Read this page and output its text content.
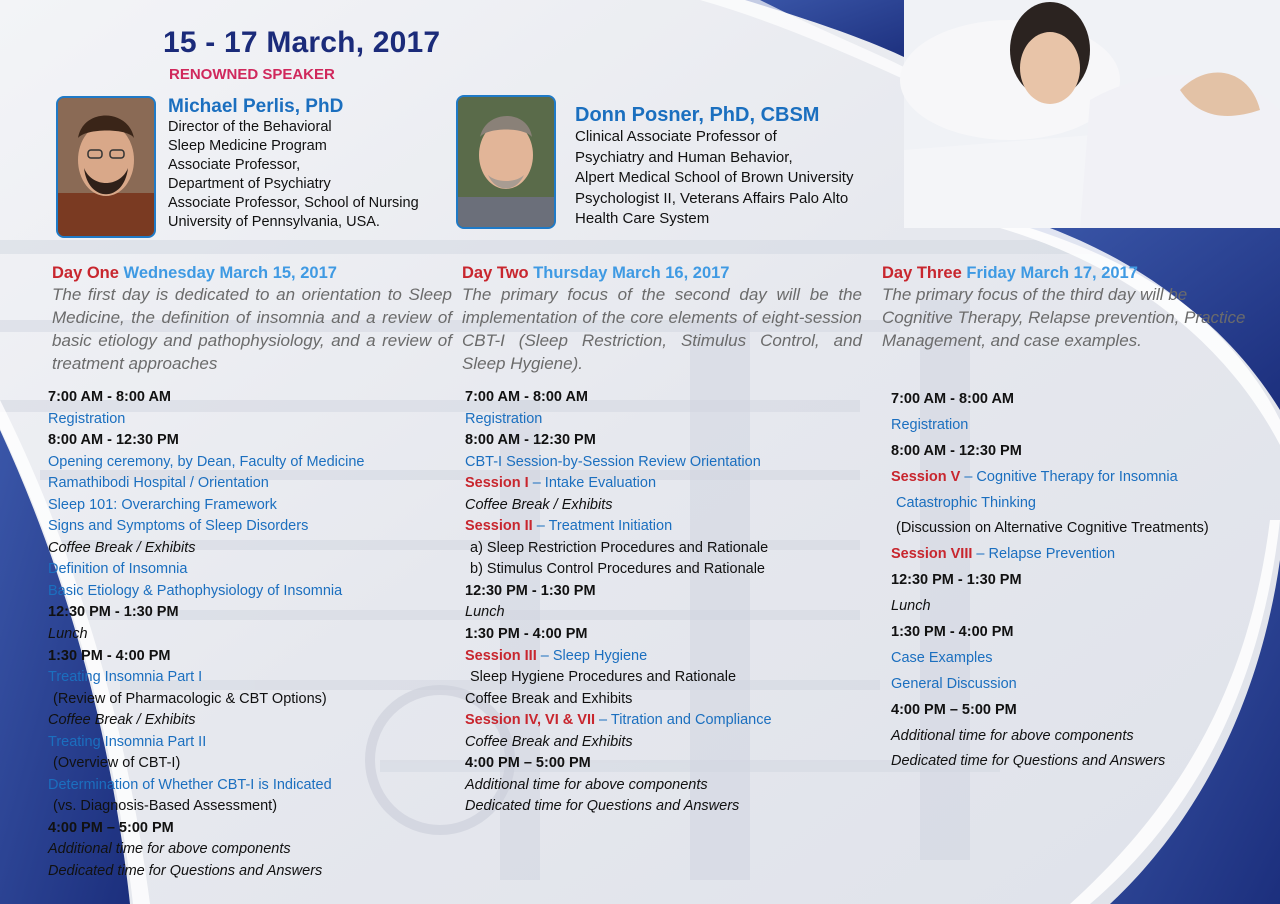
15 - 17 March, 2017
RENOWNED SPEAKER
Michael Perlis, PhD
Director of the Behavioral
Sleep Medicine Program
Associate Professor,
Department of Psychiatry
Associate Professor, School of Nursing
University of Pennsylvania, USA.
Donn Posner, PhD, CBSM
Clinical Associate Professor of
Psychiatry and Human Behavior,
Alpert Medical School of Brown University
Psychologist II, Veterans Affairs Palo Alto
Health Care System
Day One Wednesday March 15, 2017
The first day is dedicated to an orientation to Sleep Medicine, the definition of insomnia and a review of basic etiology and pathophysiology, and a review of treatment approaches
Day Two Thursday March 16, 2017
The primary focus of the second day will be the implementation of the core elements of eight-session CBT-I (Sleep Restriction, Stimulus Control, and Sleep Hygiene).
Day Three Friday March 17, 2017
The primary focus of the third day will be Cognitive Therapy, Relapse prevention, Practice Management, and case examples.
7:00 AM - 8:00 AM
Registration
8:00 AM - 12:30 PM
Opening ceremony, by Dean, Faculty of Medicine
Ramathibodi Hospital / Orientation
Sleep 101: Overarching Framework
Signs and Symptoms of Sleep Disorders
Coffee Break / Exhibits
Definition of Insomnia
Basic Etiology & Pathophysiology of Insomnia
12:30 PM - 1:30 PM
Lunch
1:30 PM - 4:00 PM
Treating Insomnia Part I
(Review of Pharmacologic & CBT Options)
Coffee Break / Exhibits
Treating Insomnia Part II
(Overview of CBT-I)
Determination of Whether CBT-I is Indicated
(vs. Diagnosis-Based Assessment)
4:00 PM – 5:00 PM
Additional time for above components
Dedicated time for Questions and Answers
7:00 AM - 8:00 AM
Registration
8:00 AM - 12:30 PM
CBT-I Session-by-Session Review Orientation
Session I – Intake Evaluation
Coffee Break / Exhibits
Session II – Treatment Initiation
a) Sleep Restriction Procedures and Rationale
b) Stimulus Control Procedures and Rationale
12:30 PM - 1:30 PM
Lunch
1:30 PM - 4:00 PM
Session III – Sleep Hygiene
Sleep Hygiene Procedures and Rationale
Coffee Break and Exhibits
Session IV, VI & VII – Titration and Compliance
Coffee Break and Exhibits
4:00 PM – 5:00 PM
Additional time for above components
Dedicated time for Questions and Answers
7:00 AM - 8:00 AM
Registration
8:00 AM - 12:30 PM
Session V – Cognitive Therapy for Insomnia
Catastrophic Thinking
(Discussion on Alternative Cognitive Treatments)
Session VIII – Relapse Prevention
12:30 PM - 1:30 PM
Lunch
1:30 PM - 4:00 PM
Case Examples
General Discussion
4:00 PM – 5:00 PM
Additional time for above components
Dedicated time for Questions and Answers
